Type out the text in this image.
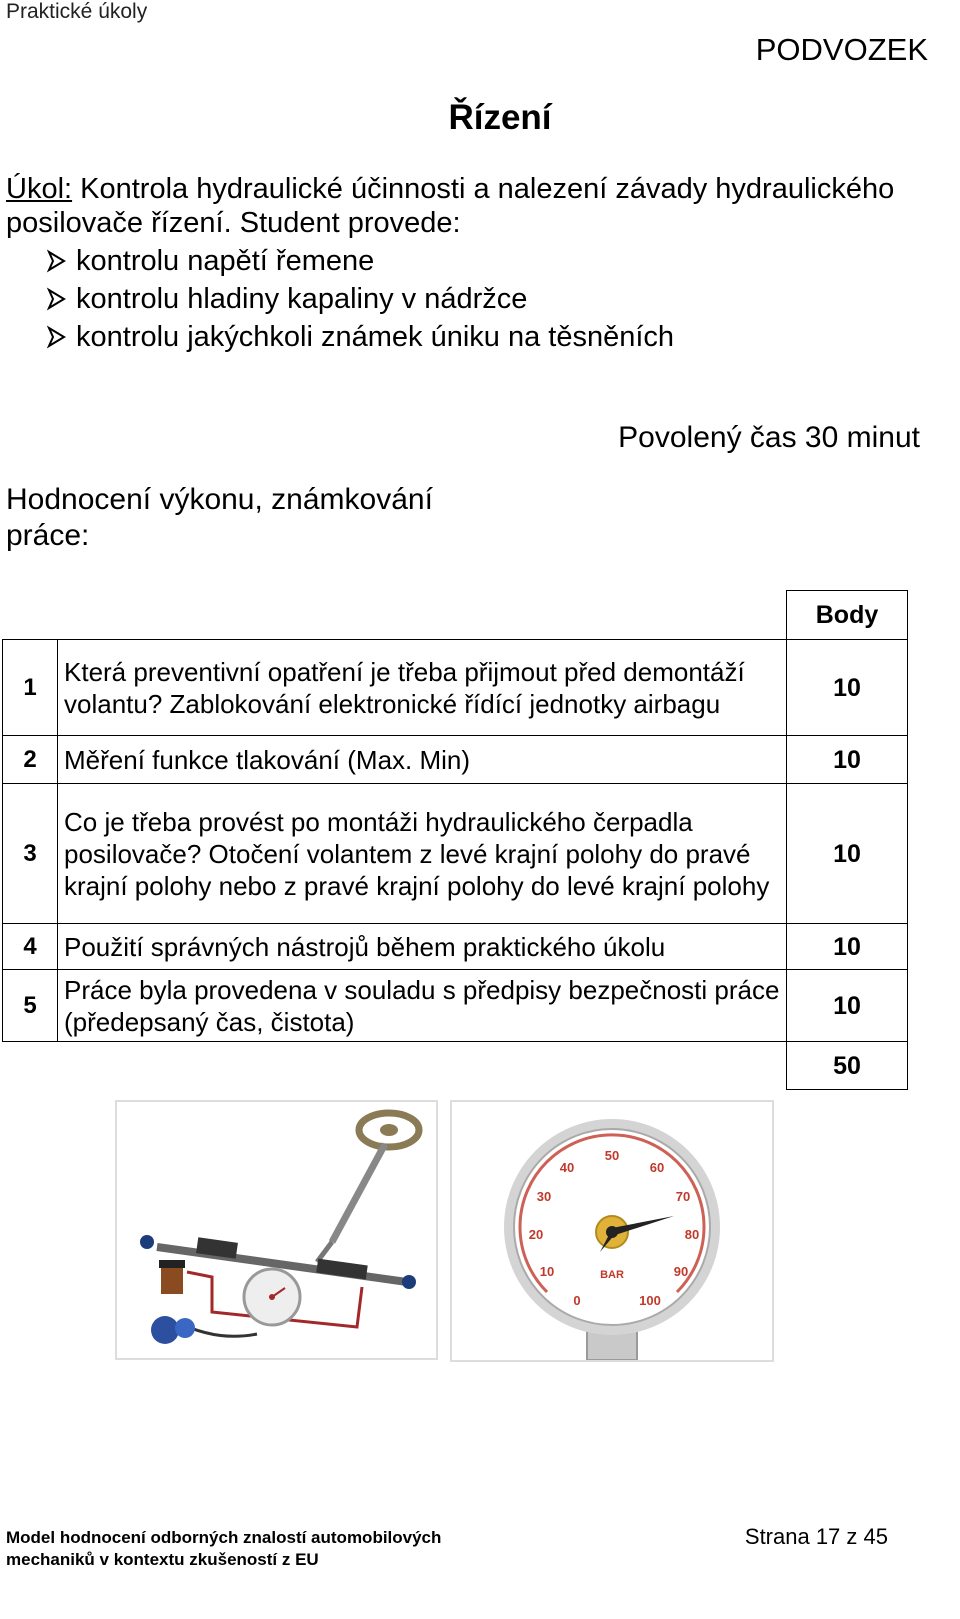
Praktické úkoly
PODVOZEK
Řízení
Úkol: Kontrola hydraulické účinnosti a nalezení závady hydraulického posilovače řízení. Student provede:
kontrolu napětí řemene
kontrolu hladiny kapaliny v nádržce
kontrolu jakýchkoli známek úniku na těsněních
Povolený čas 30 minut
Hodnocení výkonu, známkování práce:
		Body
1	Která preventivní opatření je třeba přijmout před demontáží volantu? Zablokování elektronické řídící jednotky airbagu	10
2	Měření funkce tlakování (Max. Min)	10
3	Co je třeba provést po montáži hydraulického čerpadla posilovače? Otočení volantem z levé krajní polohy do pravé krajní polohy nebo z pravé krajní polohy do levé krajní polohy	10
4	Použití správných nástrojů během praktického úkolu	10
5	Práce byla provedena v souladu s předpisy bezpečnosti práce (předepsaný čas, čistota)	10
		50
0
10
20
30
40
50
60
70
80
90
100
BAR
Model hodnocení odborných znalostí automobilových
mechaniků v kontextu zkušeností z EU
Strana 17 z 45
